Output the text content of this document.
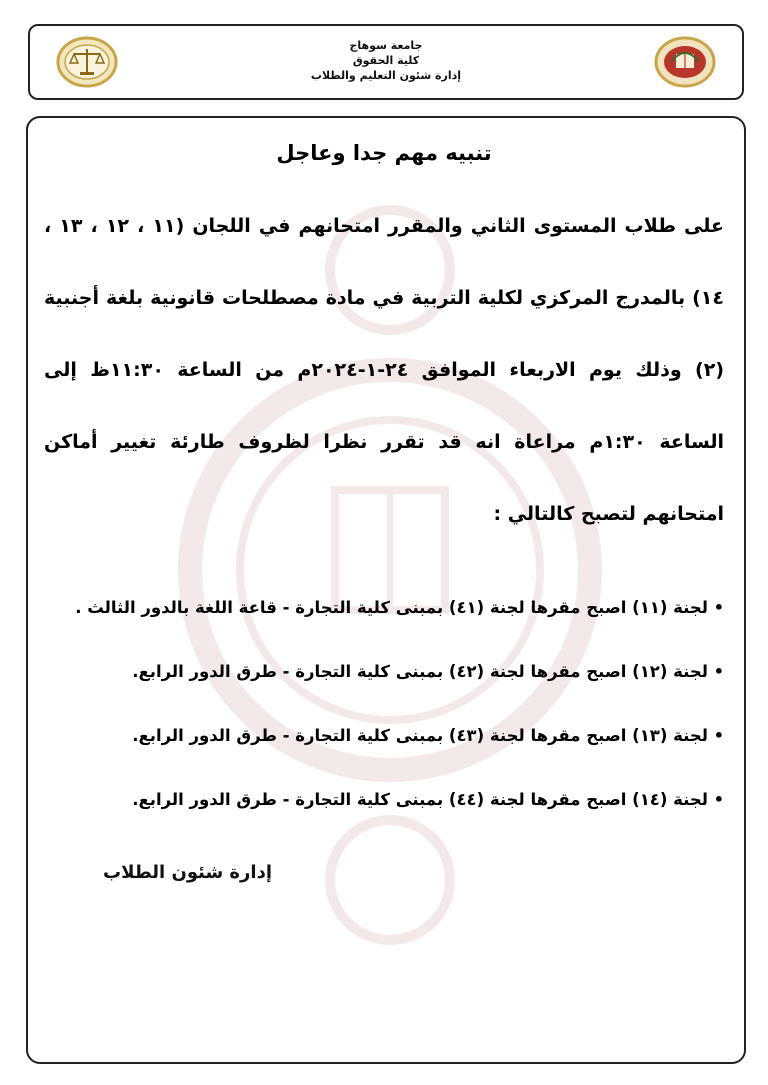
جامعة سوهاج
كلية الحقوق
إدارة شئون التعليم والطلاب
تنبيه مهم جدا وعاجل
على طلاب المستوى الثاني والمقرر امتحانهم في اللجان (١١ ، ١٢ ، ١٣ ، ١٤) بالمدرج المركزي لكلية التربية في مادة مصطلحات قانونية بلغة أجنبية (٢) وذلك يوم الاربعاء الموافق ٢٤-١-٢٠٢٤م من الساعة ١١:٣٠ظ إلى الساعة ١:٣٠م مراعاة انه قد تقرر نظرا لظروف طارئة تغيير أماكن امتحانهم لتصبح كالتالي :
•
لجنة (١١) اصبح مقرها لجنة (٤١) بمبنى كلية التجارة - قاعة اللغة بالدور الثالث .
•
لجنة (١٢) اصبح مقرها لجنة (٤٢) بمبنى كلية التجارة - طرق الدور الرابع.
•
لجنة (١٣) اصبح مقرها لجنة (٤٣) بمبنى كلية التجارة - طرق الدور الرابع.
•
لجنة (١٤) اصبح مقرها لجنة (٤٤) بمبنى كلية التجارة - طرق الدور الرابع.
إدارة شئون الطلاب
